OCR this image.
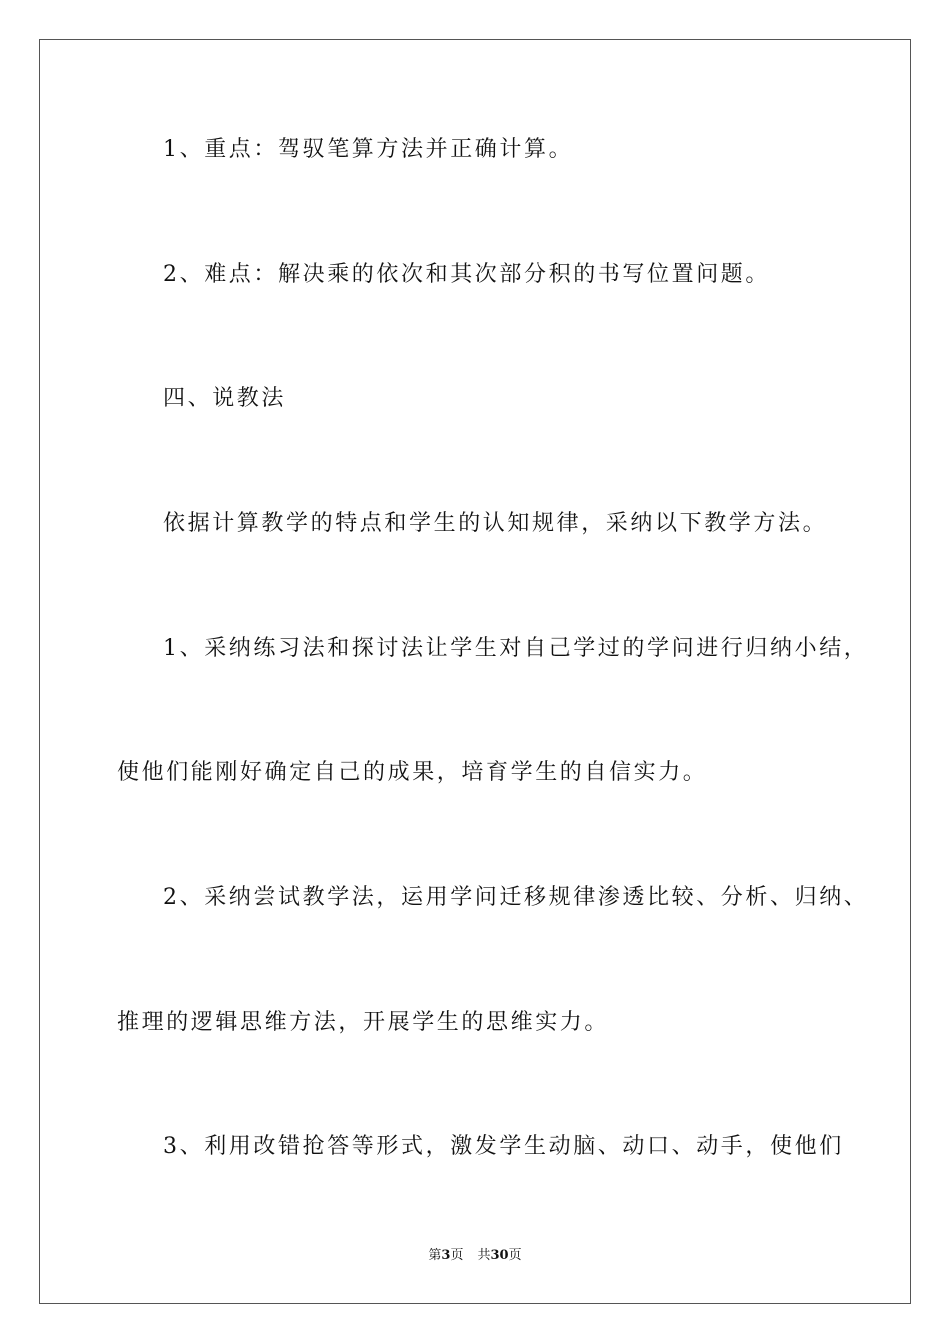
1、重点：驾驭笔算方法并正确计算。
2、难点：解决乘的依次和其次部分积的书写位置问题。
四、说教法
依据计算教学的特点和学生的认知规律，采纳以下教学方法。
1、采纳练习法和探讨法让学生对自己学过的学问进行归纳小结，
使他们能刚好确定自己的成果，培育学生的自信实力。
2、采纳尝试教学法，运用学问迁移规律渗透比较、分析、归纳、
推理的逻辑思维方法，开展学生的思维实力。
3、利用改错抢答等形式，激发学生动脑、动口、动手，使他们
第3页 共30页
